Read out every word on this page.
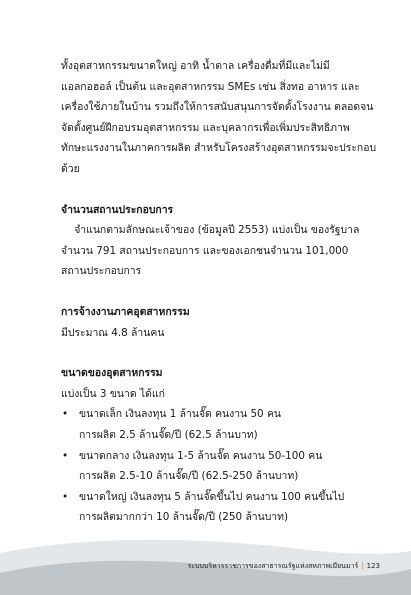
ทั้งอุตสาหกรรมขนาดใหญ่ อาทิ น้ำตาล เครื่องดื่มที่มีและไม่มี
แอลกอฮอล์ เป็นต้น และอุตสาหกรรม SMEs เช่น สิ่งทอ อาหาร และ
เครื่องใช้ภายในบ้าน รวมถึงให้การสนับสนุนการจัดตั้งโรงงาน ตลอดจน
จัดตั้งศูนย์ฝึกอบรมอุตสาหกรรม และบุคลากรเพื่อเพิ่มประสิทธิภาพ
ทักษะแรงงานในภาคการผลิต สำหรับโครงสร้างอุตสาหกรรมจะประกอบ
ด้วย
จำนวนสถานประกอบการ
จำแนกตามลักษณะเจ้าของ (ข้อมูลปี 2553) แบ่งเป็น ของรัฐบาล
จำนวน 791 สถานประกอบการ และของเอกชนจำนวน 101,000
สถานประกอบการ
การจ้างงานภาคอุตสาหกรรม
มีประมาณ 4.8 ล้านคน
ขนาดของอุตสาหกรรม
แบ่งเป็น 3 ขนาด ได้แก่
• ขนาดเล็ก เงินลงทุน 1 ล้านจั๊ด คนงาน 50 คน
การผลิต 2.5 ล้านจั๊ด/ปี (62.5 ล้านบาท)
• ขนาดกลาง เงินลงทุน 1-5 ล้านจั๊ด คนงาน 50-100 คน
การผลิต 2.5-10 ล้านจั๊ด/ปี (62.5-250 ล้านบาท)
• ขนาดใหญ่ เงินลงทุน 5 ล้านจั๊ดขึ้นไป คนงาน 100 คนขึ้นไป
การผลิตมากกว่า 10 ล้านจั๊ด/ปี (250 ล้านบาท)
ระบบบริหารราชการของสาธารณรัฐแห่งสหภาพเมียนมาร์ | 123
